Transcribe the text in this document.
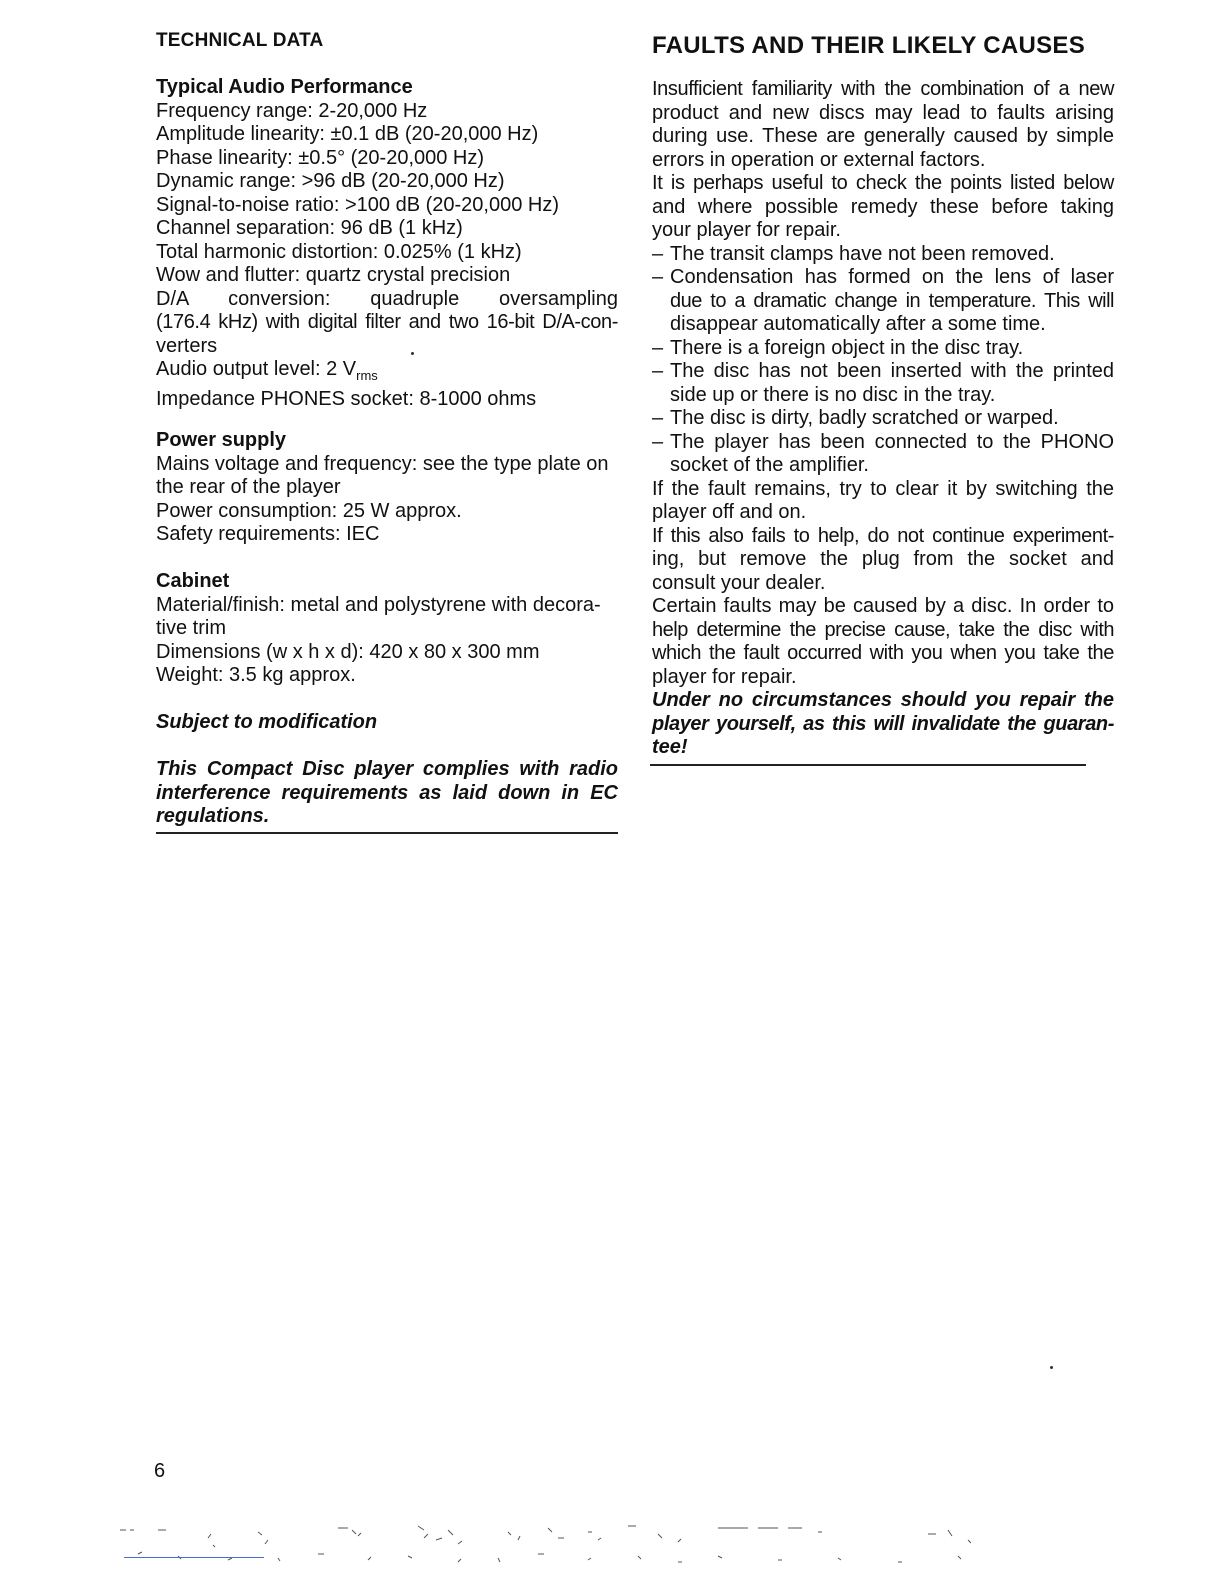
TECHNICAL DATA
Typical Audio Performance
Frequency range: 2-20,000 Hz
Amplitude linearity: ±0.1 dB (20-20,000 Hz)
Phase linearity: ±0.5° (20-20,000 Hz)
Dynamic range: >96 dB (20-20,000 Hz)
Signal-to-noise ratio: >100 dB (20-20,000 Hz)
Channel separation: 96 dB (1 kHz)
Total harmonic distortion: 0.025% (1 kHz)
Wow and flutter: quartz crystal precision
D/A conversion: quadruple oversampling
(176.4 kHz) with digital filter and two 16-bit D/A-con-
verters
Audio output level: 2 $V_{rms}$
Impedance PHONES socket: 8-1000 ohms
Power supply
Mains voltage and frequency: see the type plate on
the rear of the player
Power consumption: 25 W approx.
Safety requirements: IEC
Cabinet
Material/finish: metal and polystyrene with decora-
tive trim
Dimensions (w x h x d): 420 x 80 x 300 mm
Weight: 3.5 kg approx.
Subject to modification
This Compact Disc player complies with radio
interference requirements as laid down in EC
regulations.
FAULTS AND THEIR LIKELY CAUSES
Insufficient familiarity with the combination of a new
product and new discs may lead to faults arising
during use. These are generally caused by simple
errors in operation or external factors.
It is perhaps useful to check the points listed below
and where possible remedy these before taking
your player for repair.
– The transit clamps have not been removed.
– Condensation has formed on the lens of laser
due to a dramatic change in temperature. This will
disappear automatically after a some time.
– There is a foreign object in the disc tray.
– The disc has not been inserted with the printed
side up or there is no disc in the tray.
– The disc is dirty, badly scratched or warped.
– The player has been connected to the PHONO
socket of the amplifier.
If the fault remains, try to clear it by switching the
player off and on.
If this also fails to help, do not continue experiment-
ing, but remove the plug from the socket and
consult your dealer.
Certain faults may be caused by a disc. In order to
help determine the precise cause, take the disc with
which the fault occurred with you when you take the
player for repair.
Under no circumstances should you repair the
player yourself, as this will invalidate the guaran-
tee!
6
